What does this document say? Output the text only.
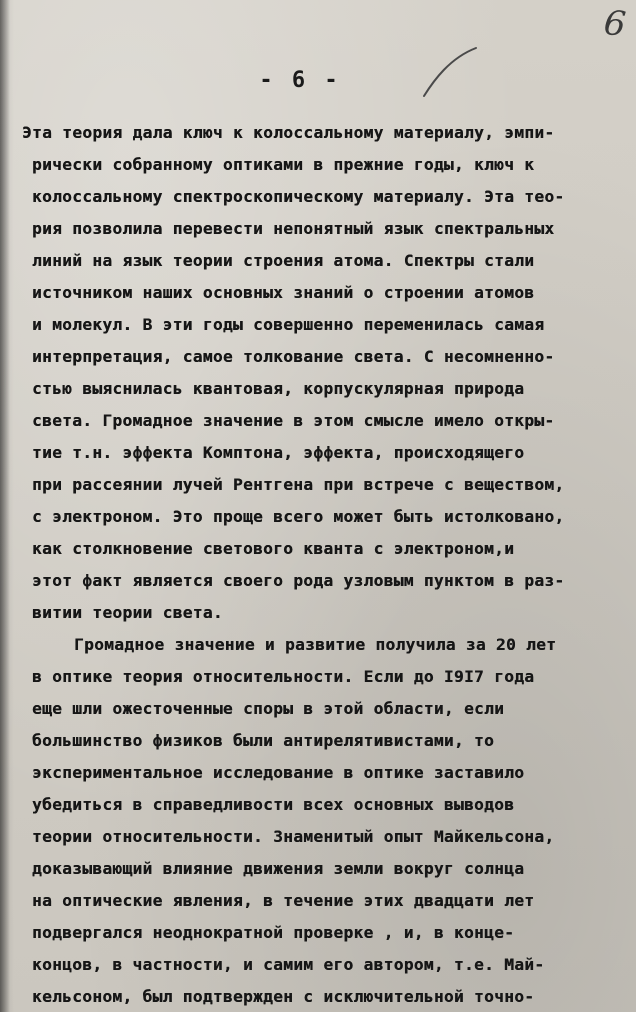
6
- 6 -
Эта теория дала ключ к колоссальному материалу, эмпи-
рически собранному оптиками в прежние годы, ключ к
колоссальному спектроскопическому материалу. Эта тео-
рия позволила перевести непонятный язык спектральных
линий на язык теории строения атома. Спектры стали
источником наших основных знаний о строении атомов
и молекул. В эти годы совершенно переменилась самая
интерпретация, самое толкование света. С несомненно-
стью выяснилась квантовая, корпускулярная природа
света. Громадное значение в этом смысле имело откры-
тие т.н. эффекта Комптона, эффекта, происходящего
при рассеянии лучей Рентгена при встрече с веществом,
с электроном. Это проще всего может быть истолковано,
как столкновение светового кванта с электроном,и
этот факт является своего рода узловым пунктом в раз-
витии теории света.
Громадное значение и развитие получила за 20 лет
в оптике теория относительности. Если до I9I7 года
еще шли ожесточенные споры в этой области, если
большинство физиков были антирелятивистами, то
экспериментальное исследование в оптике заставило
убедиться в справедливости всех основных выводов
теории относительности. Знаменитый опыт Майкельсона,
доказывающий влияние движения земли вокруг солнца
на оптические явления, в течение этих двадцати лет
подвергался неоднократной проверке , и, в конце-
концов, в частности, и самим его автором, т.е. Май-
кельсоном, был подтвержден с исключительной точно-
